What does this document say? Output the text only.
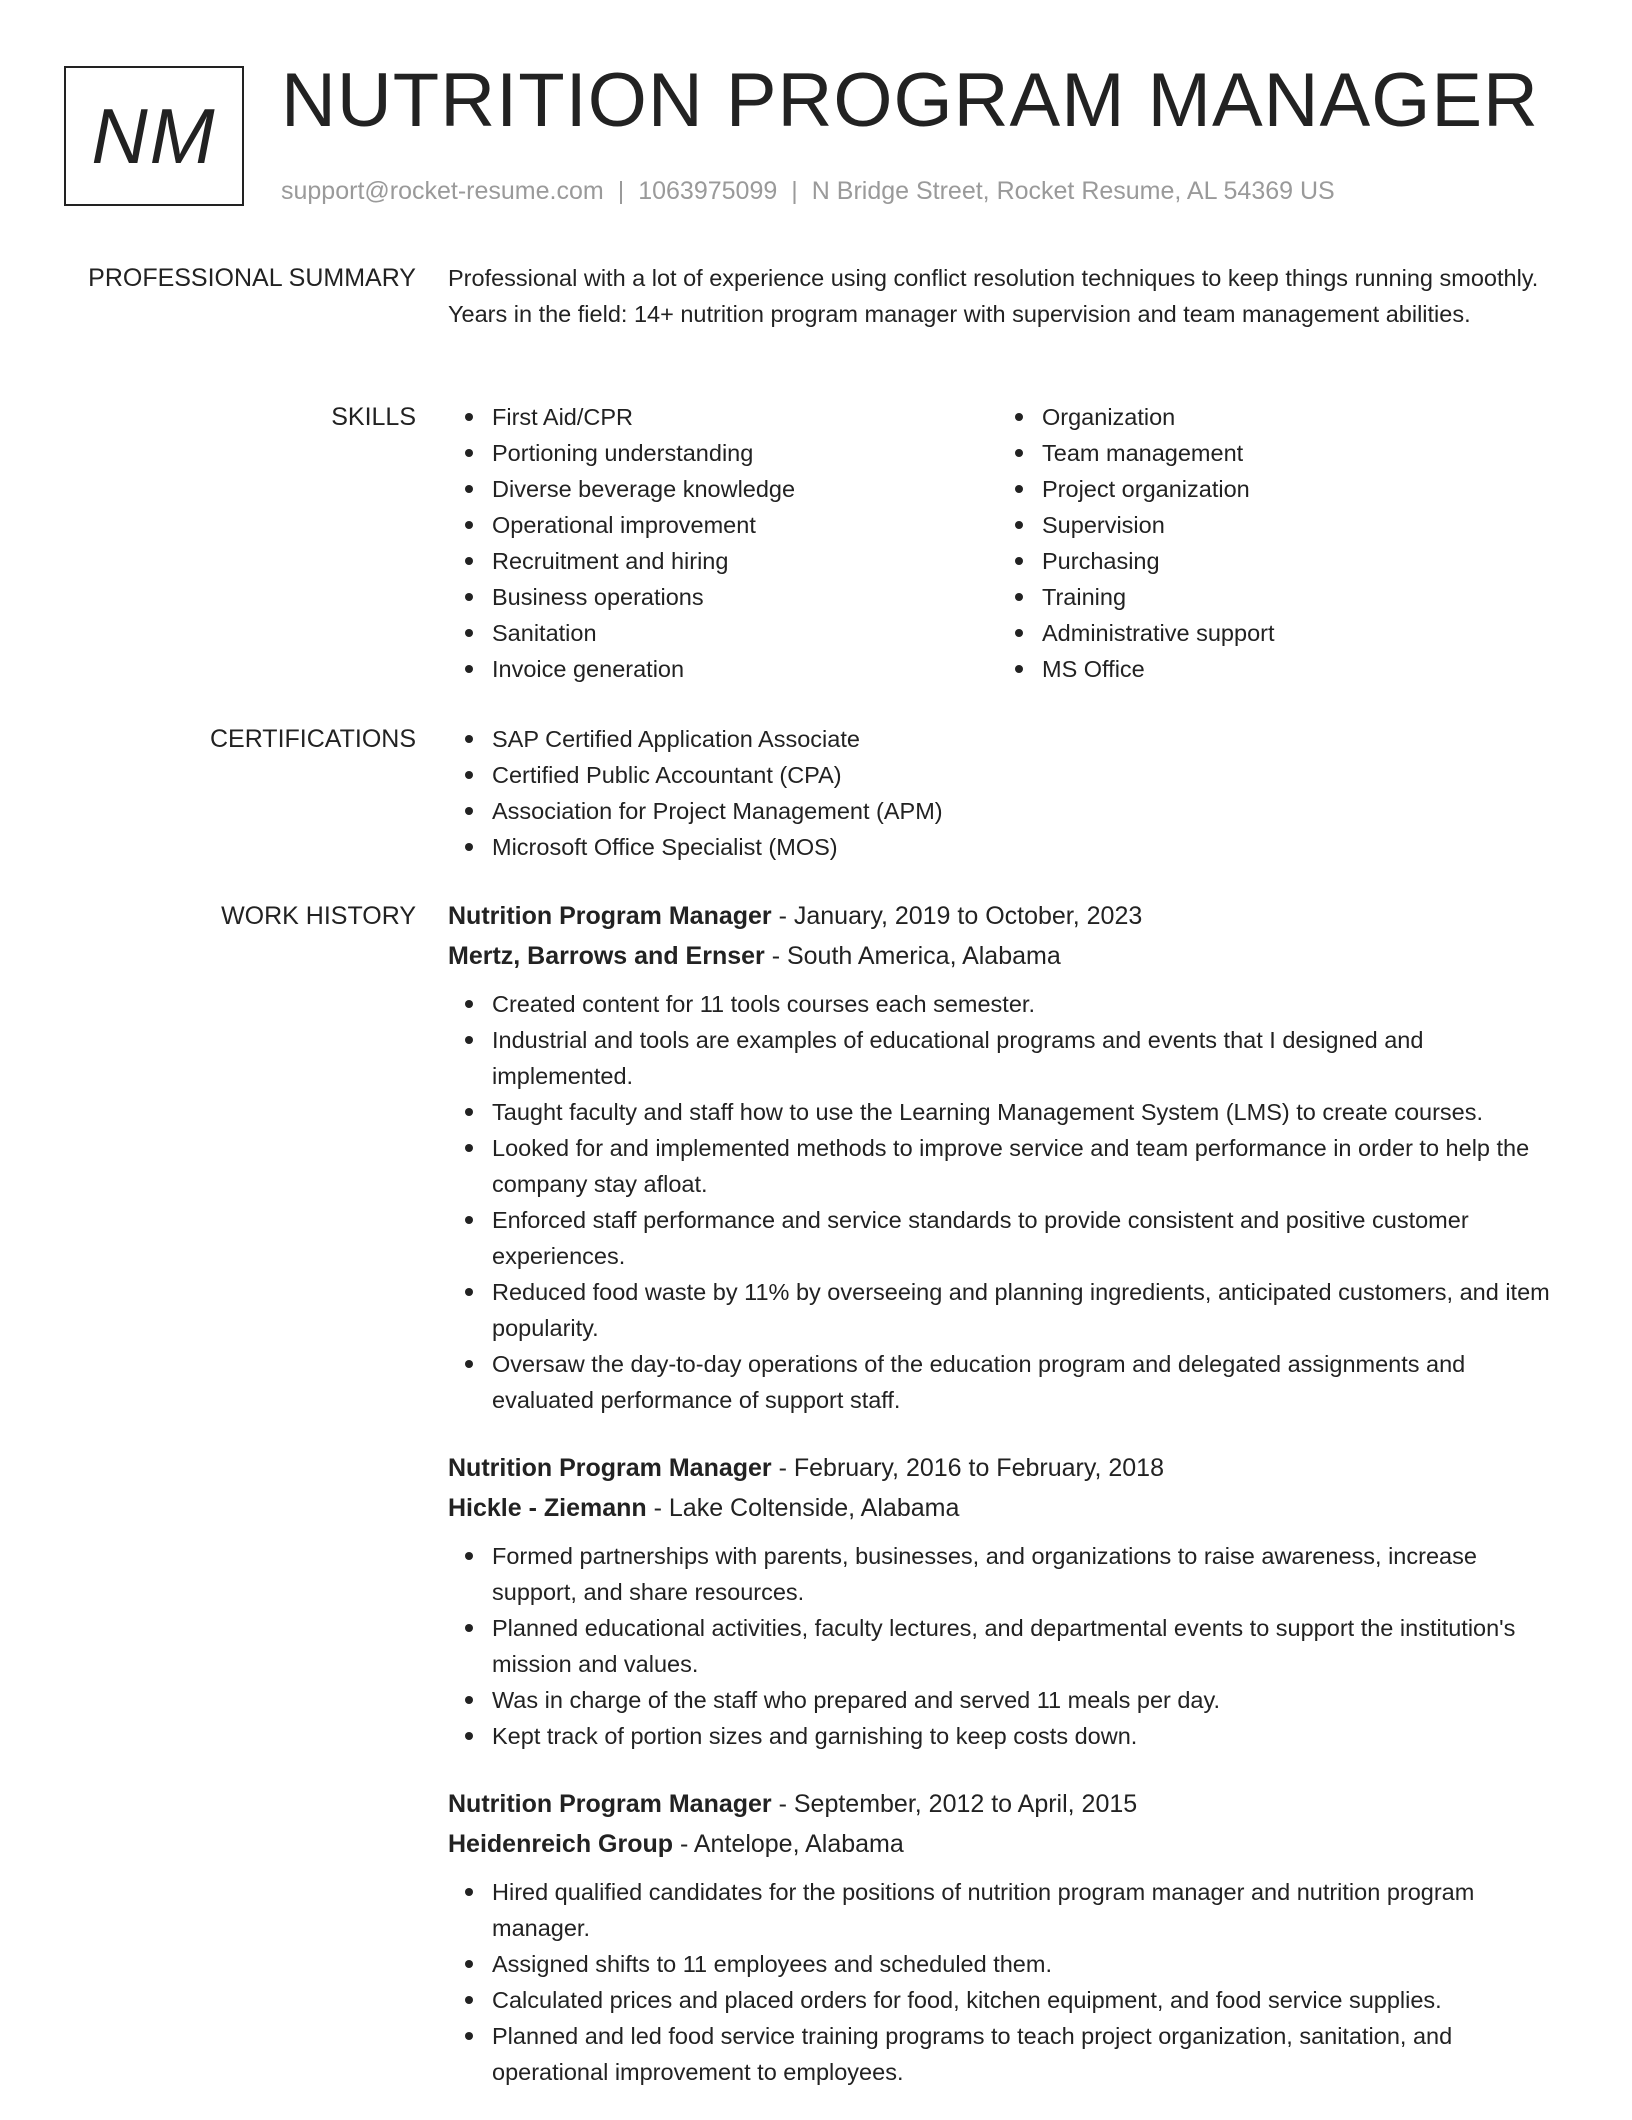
NM NUTRITION PROGRAM MANAGER
support@rocket-resume.com | 1063975099 | N Bridge Street, Rocket Resume, AL 54369 US
PROFESSIONAL SUMMARY Professional with a lot of experience using conflict resolution techniques to keep things running smoothly. Years in the field: 14+ nutrition program manager with supervision and team management abilities.

SKILLS	First Aid/CPR
Portioning understanding
Diverse beverage knowledge
Operational improvement
Recruitment and hiring
Business operations
Sanitation
Invoice generation
Organization
Team management
Project organization
Supervision
Purchasing
Training
Administrative support
MS Office
CERTIFICATIONS	SAP Certified Application Associate
Certified Public Accountant (CPA)
Association for Project Management (APM)
Microsoft Office Specialist (MOS)
WORK HISTORY Nutrition Program Manager - January, 2019 to October, 2023
Mertz, Barrows and Ernser - South America, Alabama
Created content for 11 tools courses each semester.
Industrial and tools are examples of educational programs and events that I designed and implemented.
Taught faculty and staff how to use the Learning Management System (LMS) to create courses.
Looked for and implemented methods to improve service and team performance in order to help the company stay afloat.
Enforced staff performance and service standards to provide consistent and positive customer experiences.
Reduced food waste by 11% by overseeing and planning ingredients, anticipated customers, and item popularity.
Oversaw the day-to-day operations of the education program and delegated assignments and evaluated performance of support staff.
Nutrition Program Manager - February, 2016 to February, 2018
Hickle - Ziemann - Lake Coltenside, Alabama
Formed partnerships with parents, businesses, and organizations to raise awareness, increase support, and share resources.
Planned educational activities, faculty lectures, and departmental events to support the institution's mission and values.
Was in charge of the staff who prepared and served 11 meals per day.
Kept track of portion sizes and garnishing to keep costs down.
Nutrition Program Manager - September, 2012 to April, 2015
Heidenreich Group - Antelope, Alabama
Hired qualified candidates for the positions of nutrition program manager and nutrition program manager.
Assigned shifts to 11 employees and scheduled them.
Calculated prices and placed orders for food, kitchen equipment, and food service supplies.
Planned and led food service training programs to teach project organization, sanitation, and operational improvement to employees.
